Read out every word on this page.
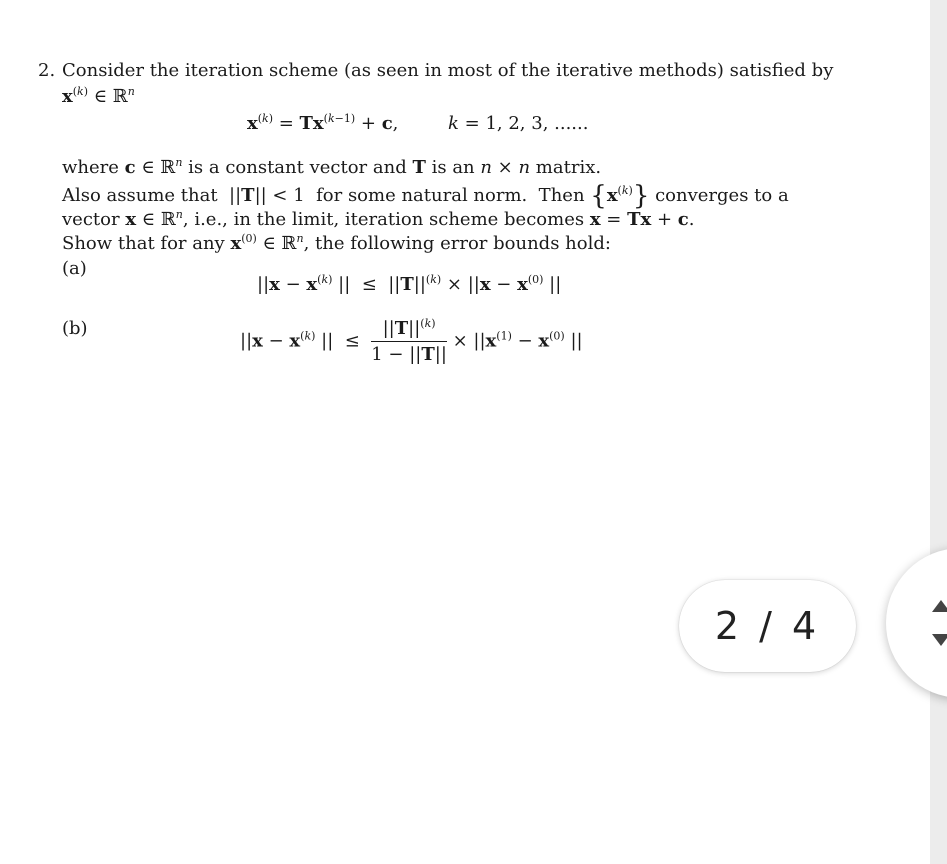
2. Consider the iteration scheme (as seen in most of the iterative methods) satisfied by
$x^{(k)}$ ∈ ℝ$^n$
$x^{(k)} = Tx^{(k-1)} + c$,	k = 1, 2, 3, ......
where c ∈ ℝ$^n$ is a constant vector and T is an n × n matrix.
Also assume that  ||T|| < 1  for some natural norm.  Then $\{x^{(k)}\}$ converges to a
vector x ∈ ℝ$^n$, i.e., in the limit, iteration scheme becomes x = Tx + c.
Show that for any $x^{(0)}$ ∈ ℝ$^n$, the following error bounds hold:
(a)
$||x - x^{(k)}$ ||  ≤  $||T||^{(k)} \times ||x - x^{(0)}$ ||
(b)
$||x - x^{(k)}$ ||  ≤ $\frac{||T||^{(k)}}{1 - ||T||} \times ||x^{(1)} - x^{(0)}$ ||
2 / 4
